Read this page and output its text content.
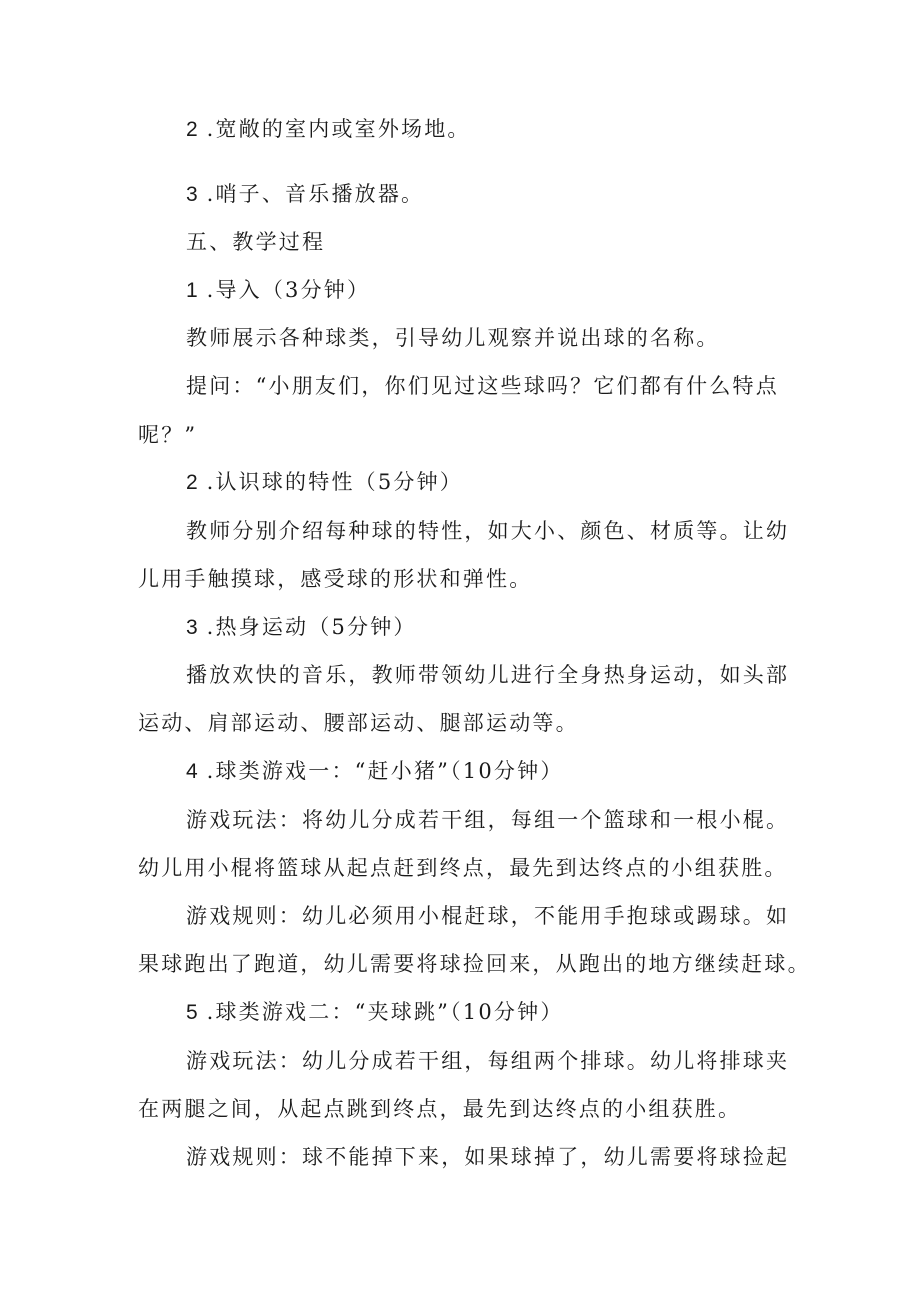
2 .宽敞的室内或室外场地。
3 .哨子、音乐播放器。
五、教学过程
1 .导入（3分钟）
教师展示各种球类，引导幼儿观察并说出球的名称。
提问：“小朋友们，你们见过这些球吗？它们都有什么特点
呢？”
2 .认识球的特性（5分钟）
教师分别介绍每种球的特性，如大小、颜色、材质等。让幼
儿用手触摸球，感受球的形状和弹性。
3 .热身运动（5分钟）
播放欢快的音乐，教师带领幼儿进行全身热身运动，如头部
运动、肩部运动、腰部运动、腿部运动等。
4 .球类游戏一：“赶小猪”（10分钟）
游戏玩法：将幼儿分成若干组，每组一个篮球和一根小棍。
幼儿用小棍将篮球从起点赶到终点，最先到达终点的小组获胜。
游戏规则：幼儿必须用小棍赶球，不能用手抱球或踢球。如
果球跑出了跑道，幼儿需要将球捡回来，从跑出的地方继续赶球。
5 .球类游戏二：“夹球跳”（10分钟）
游戏玩法：幼儿分成若干组，每组两个排球。幼儿将排球夹
在两腿之间，从起点跳到终点，最先到达终点的小组获胜。
游戏规则：球不能掉下来，如果球掉了，幼儿需要将球捡起
